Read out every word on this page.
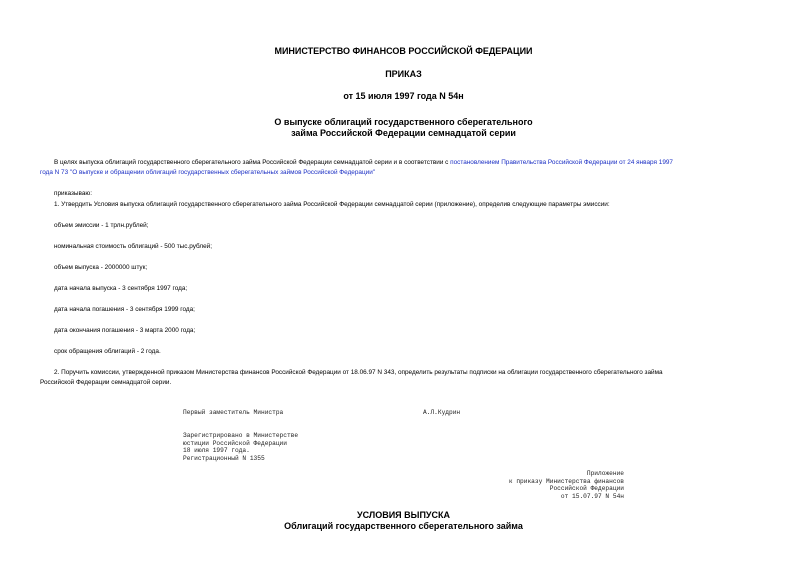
МИНИСТЕРСТВО ФИНАНСОВ РОССИЙСКОЙ ФЕДЕРАЦИИ
ПРИКАЗ
от 15 июля 1997 года N 54н
О выпуске облигаций государственного сберегательного
займа Российской Федерации семнадцатой серии
В целях выпуска облигаций государственного сберегательного займа Российской Федерации семнадцатой серии и в соответствии с постановлением Правительства Российской Федерации от 24 января 1997
года N 73 "О выпуске и обращении облигаций государственных сберегательных займов Российской Федерации"
приказываю:
1. Утвердить Условия выпуска облигаций государственного сберегательного займа Российской Федерации семнадцатой серии (приложение), определив следующие параметры эмиссии:
объем эмиссии - 1 трлн.рублей;
номинальная стоимость облигаций - 500 тыс.рублей;
объем выпуска - 2000000 штук;
дата начала выпуска - 3 сентября 1997 года;
дата начала погашения - 3 сентября 1999 года;
дата окончания погашения - 3 марта 2000 года;
срок обращения облигаций - 2 года.
2. Поручить комиссии, утвержденной приказом Министерства финансов Российской Федерации от 18.06.97 N 343, определить результаты подписки на облигации государственного сберегательного займа
Российской Федерации семнадцатой серии.
Первый заместитель Министра	А.Л.Кудрин
Зарегистрировано в Министерстве
юстиции Российской Федерации
18 июля 1997 года.
Регистрационный N 1355
Приложение
к приказу Министерства финансов
Российской Федерации
от 15.07.97 N 54н
УСЛОВИЯ ВЫПУСКА
Облигаций государственного сберегательного займа
